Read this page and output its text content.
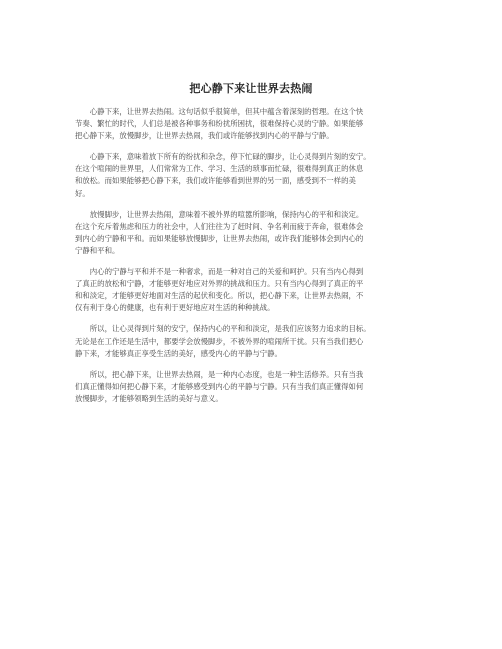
把心静下来让世界去热闹

　　心静下来，让世界去热闹。这句话似乎很简单，但其中蕴含着深刻的哲理。在这个快
节奏、繁忙的时代，人们总是被各种事务和纷扰所困扰，很难保持心灵的宁静。如果能够
把心静下来，放慢脚步，让世界去热闹，我们或许能够找到内心的平静与宁静。

　　心静下来，意味着放下所有的纷扰和杂念，停下忙碌的脚步，让心灵得到片刻的安宁。
在这个喧闹的世界里，人们常常为工作、学习、生活的琐事而忙碌，很难得到真正的休息
和放松。而如果能够把心静下来，我们或许能够看到世界的另一面，感受到不一样的美
好。

　　放慢脚步，让世界去热闹，意味着不被外界的喧嚣所影响，保持内心的平和和淡定。
在这个充斥着焦虑和压力的社会中，人们往往为了赶时间、争名利而疲于奔命，很难体会
到内心的宁静和平和。而如果能够放慢脚步，让世界去热闹，或许我们能够体会到内心的
宁静和平和。

　　内心的宁静与平和并不是一种奢求，而是一种对自己的关爱和呵护。只有当内心得到
了真正的放松和宁静，才能够更好地应对外界的挑战和压力。只有当内心得到了真正的平
和和淡定，才能够更好地面对生活的起伏和变化。所以，把心静下来，让世界去热闹，不
仅有利于身心的健康，也有利于更好地应对生活的种种挑战。

　　所以，让心灵得到片刻的安宁，保持内心的平和和淡定，是我们应该努力追求的目标。
无论是在工作还是生活中，都要学会放慢脚步，不被外界的喧闹所干扰。只有当我们把心
静下来，才能够真正享受生活的美好，感受内心的平静与宁静。

　　所以，把心静下来，让世界去热闹，是一种内心态度，也是一种生活修养。只有当我
们真正懂得如何把心静下来，才能够感受到内心的平静与宁静。只有当我们真正懂得如何
放慢脚步，才能够领略到生活的美好与意义。
